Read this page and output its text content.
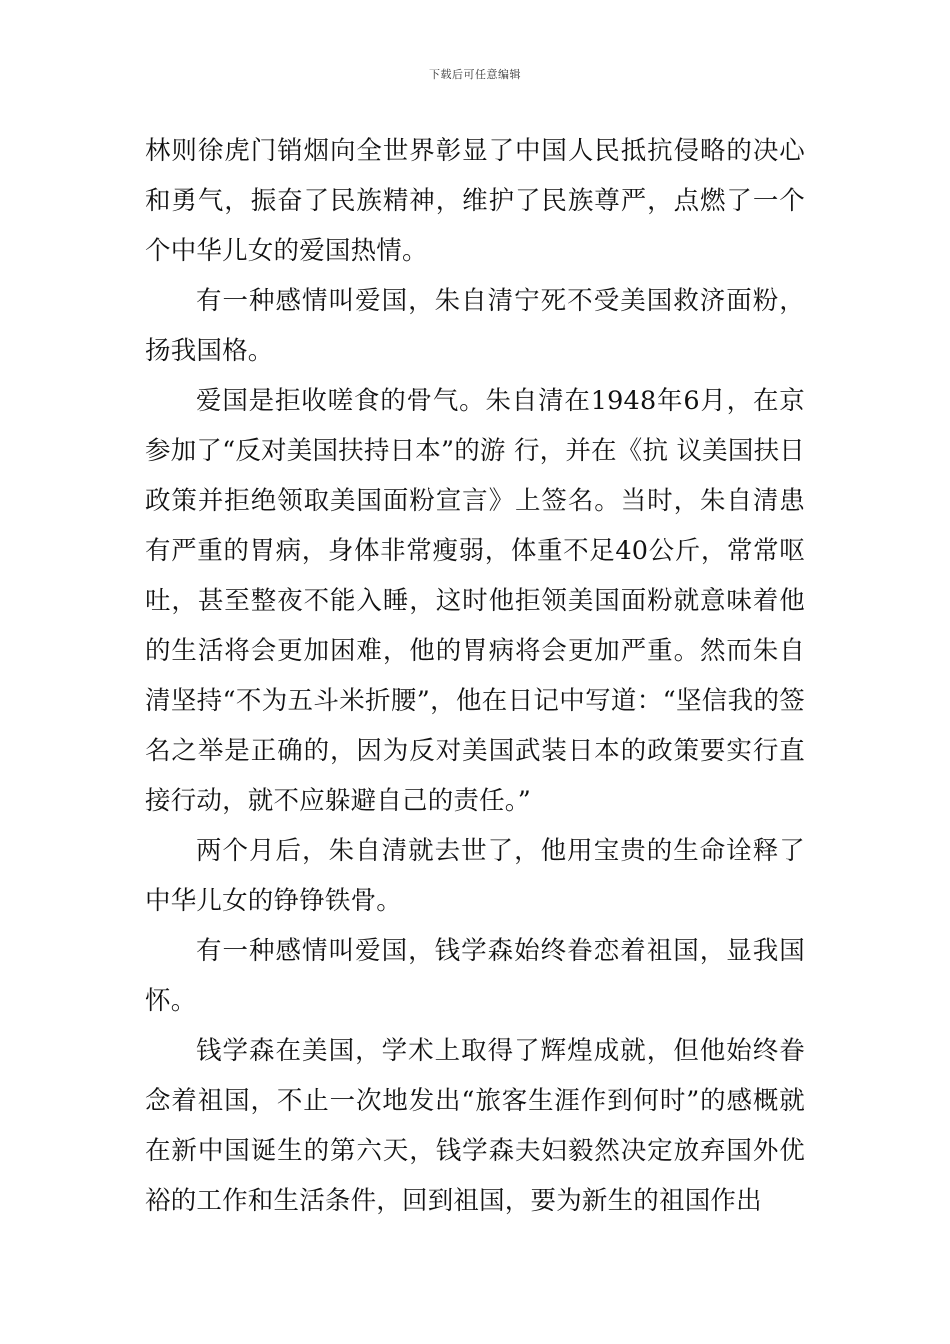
下载后可任意编辑

林则徐虎门销烟向全世界彰显了中国人民抵抗侵略的决心和勇气，振奋了民族精神，维护了民族尊严，点燃了一个个中华儿女的爱国热情。

有一种感情叫爱国，朱自清宁死不受美国救济面粉，扬我国格。

爱国是拒收嗟食的骨气。朱自清在1948年6月，在京参加了“反对美国扶持日本”的游 行，并在《抗 议美国扶日政策并拒绝领取美国面粉宣言》上签名。当时，朱自清患有严重的胃病，身体非常瘦弱，体重不足40公斤，常常呕吐，甚至整夜不能入睡，这时他拒领美国面粉就意味着他的生活将会更加困难，他的胃病将会更加严重。然而朱自清坚持“不为五斗米折腰”，他在日记中写道：“坚信我的签名之举是正确的，因为反对美国武装日本的政策要实行直接行动，就不应躲避自己的责任。”

两个月后，朱自清就去世了，他用宝贵的生命诠释了中华儿女的铮铮铁骨。

有一种感情叫爱国，钱学森始终眷恋着祖国，显我国怀。

钱学森在美国，学术上取得了辉煌成就，但他始终眷念着祖国，不止一次地发出“旅客生涯作到何时”的感概就在新中国诞生的第六天，钱学森夫妇毅然决定放弃国外优裕的工作和生活条件，回到祖国，要为新生的祖国作出
